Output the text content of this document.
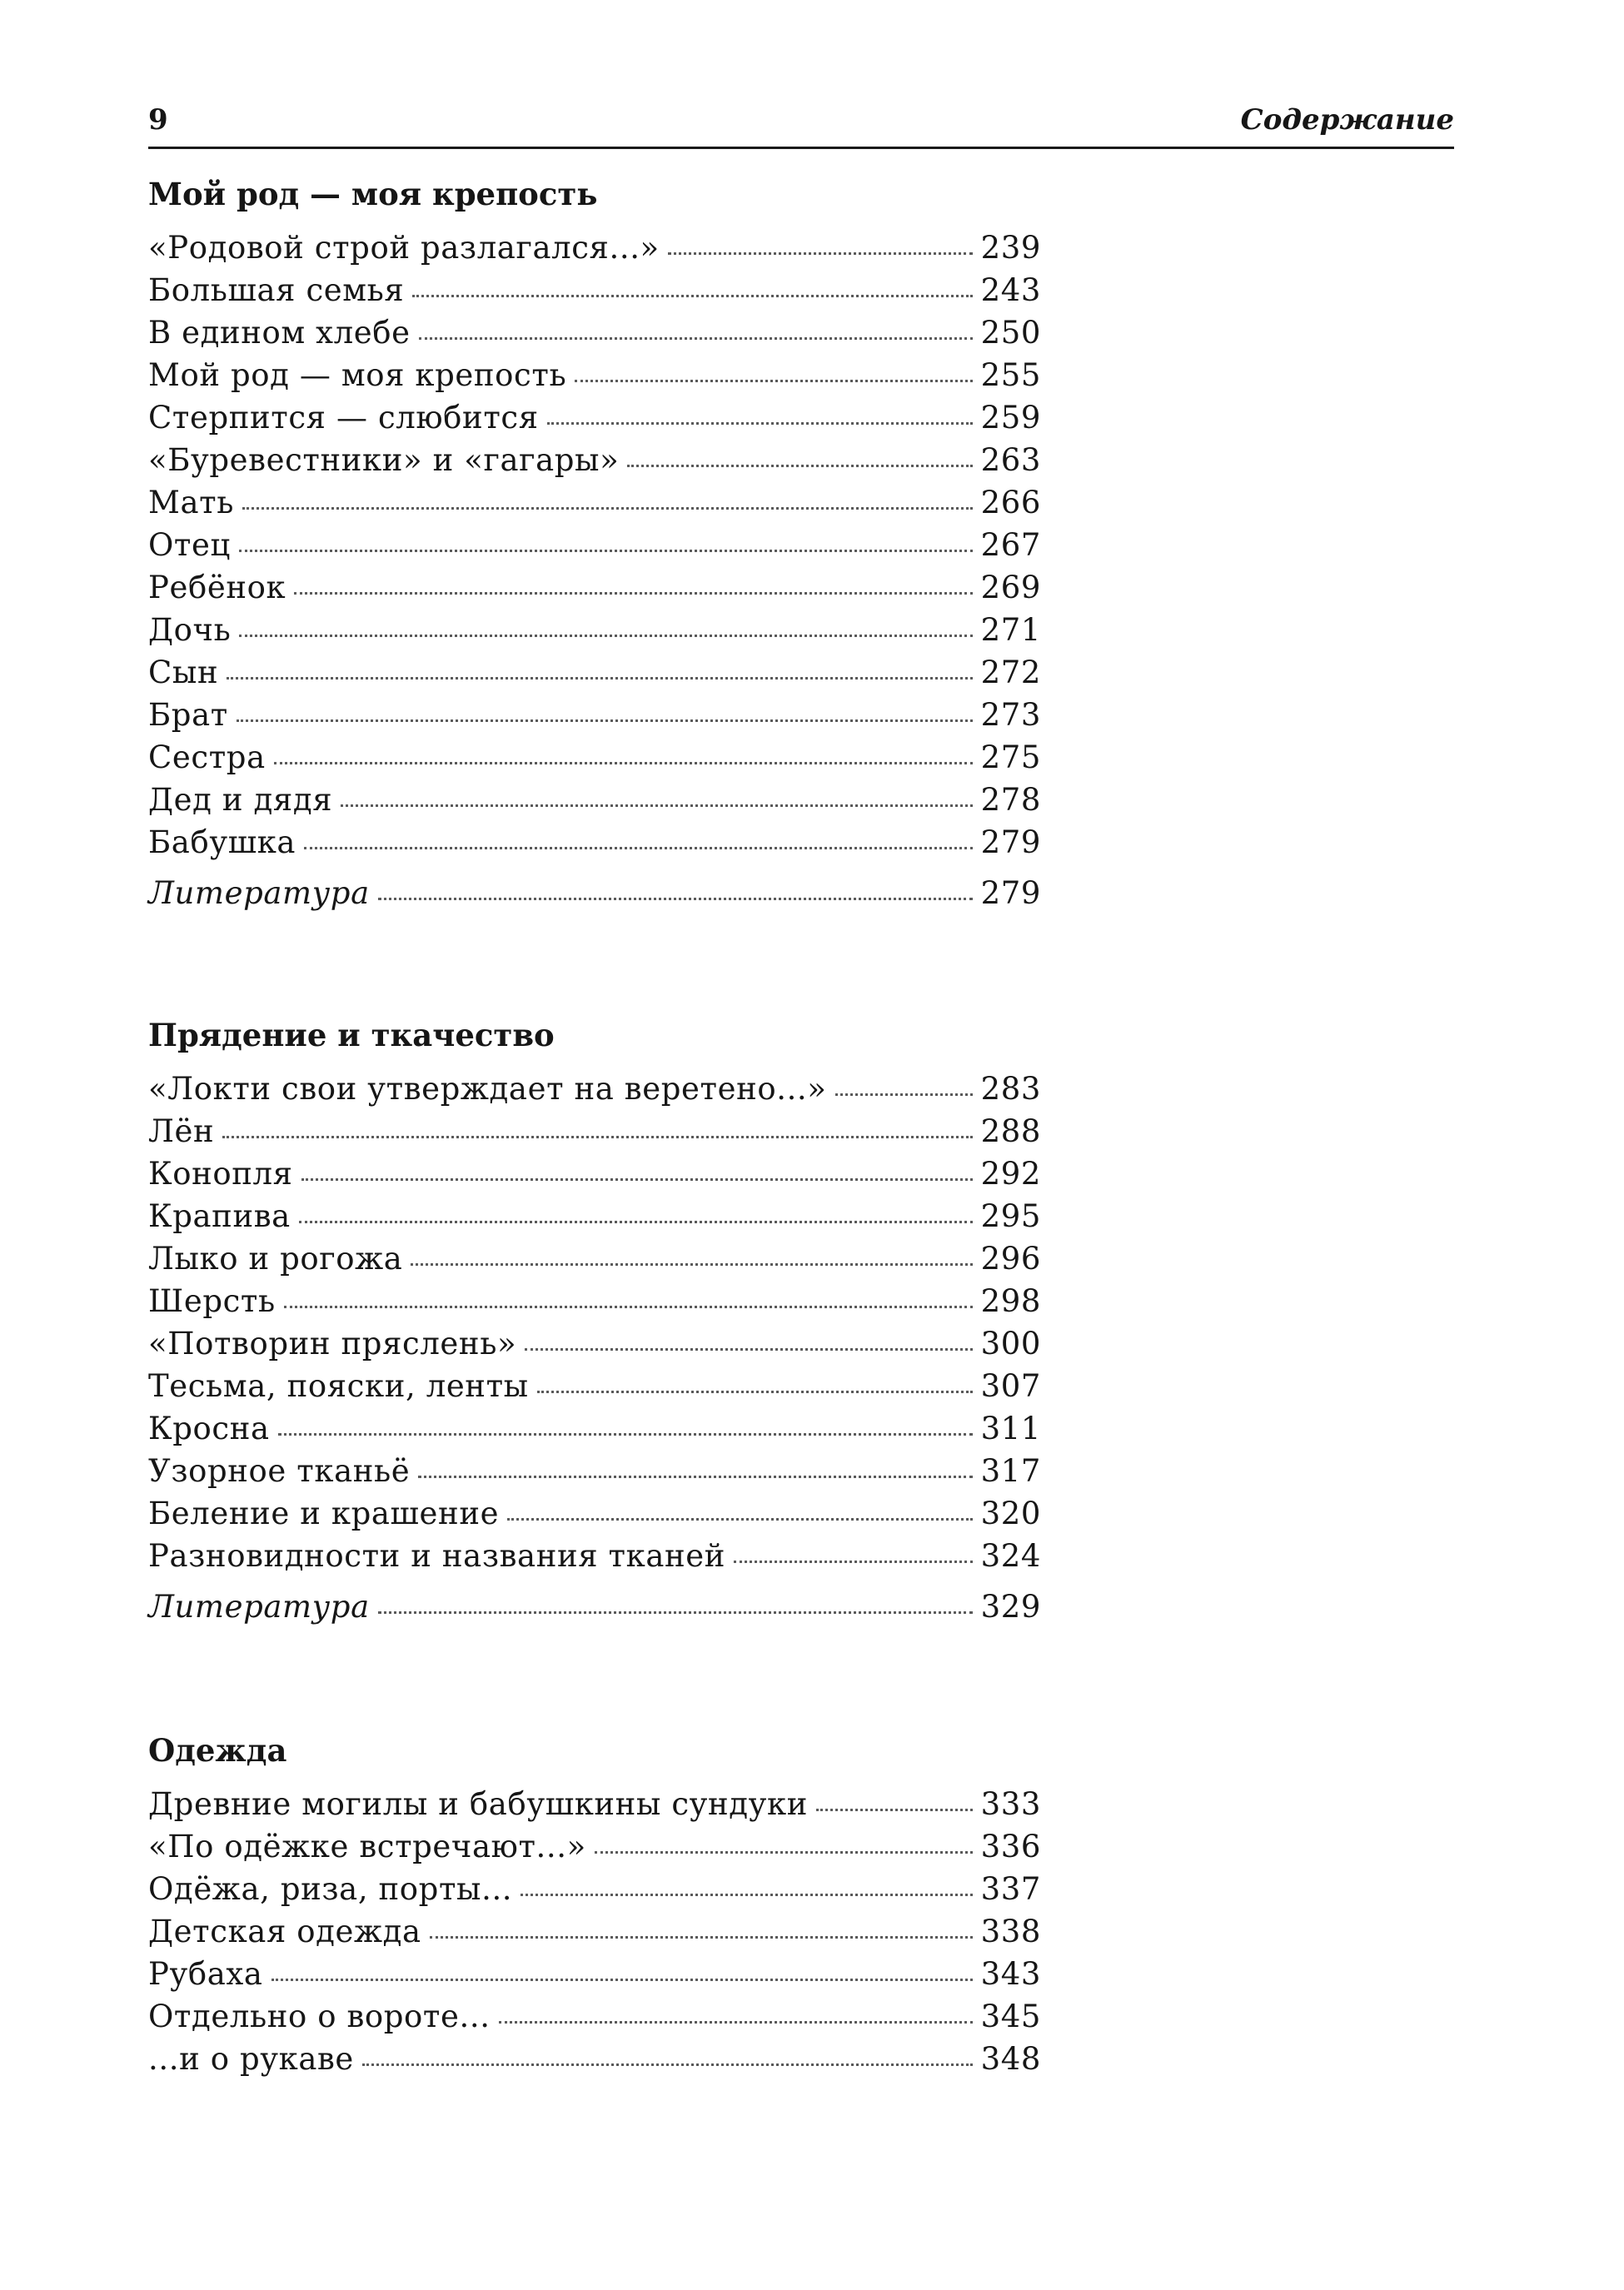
9	Содержание
Мой род — моя крепость
«Родовой строй разлагался...»	239
Большая семья	243
В едином хлебе	250
Мой род — моя крепость	255
Стерпится — слюбится	259
«Буревестники» и «гагары»	263
Мать	266
Отец	267
Ребёнок	269
Дочь	271
Сын	272
Брат	273
Сестра	275
Дед и дядя	278
Бабушка	279
Литература	279
Прядение и ткачество
«Локти свои утверждает на веретено...»	283
Лён	288
Конопля	292
Крапива	295
Лыко и рогожа	296
Шерсть	298
«Потворин пряслень»	300
Тесьма, пояски, ленты	307
Кросна	311
Узорное тканьё	317
Беление и крашение	320
Разновидности и названия тканей	324
Литература	329
Одежда
Древние могилы и бабушкины сундуки	333
«По одёжке встречают...»	336
Одёжа, риза, порты...	337
Детская одежда	338
Рубаха	343
Отдельно о вороте...	345
...и о рукаве	348
